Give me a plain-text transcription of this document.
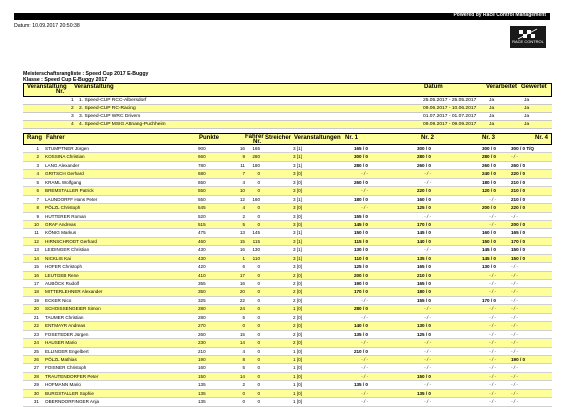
Powered by Race Control Management
Datum: 10.09.2017 20:50:38
RACE CONTROL
Meisterschaftsrangliste : Speed Cup 2017 E-Buggy
Klasse : Speed Cup E-Buggy 2017
Veranstaltung Veranstaltung
Nr.
Datum	Verarbeitet Gewertet
1 1. Speed-CUP RCC-Albersdorf	25.05.2017 - 25.05.2017	Ja	Ja
2 2. Speed-CUP RC-Racing	09.06.2017 - 10.06.2017	Ja	Ja
3 3. Speed-CUP WRC Drivers	01.07.2017 - 01.07.2017	Ja	Ja
4 4. Speed-CUP MSIG Attnang-Puchheim	09.09.2017 - 09.09.2017	Ja	Ja
Rang Fahrer	Punkte	Fahrer
Nr.
Streicher Veranstaltungen Nr. 1	Nr. 2	Nr. 3	Nr. 4
1 STUMPTNER Jürgen	900	16	165	3 [1]	165 / 0	300 / 0	300 / 0	300 / 0 T/Q
2 KOSSINA Christian	660	9	280	3 [1]	300 / 0	280 / 0	280 / 0	- / -
3 LANG Alexander	780	11	180	3 [1]	280 / 0	260 / 0	260 / 0	260 / 0
4 GRITSCH Gerhard	680	7	0	3 [0]	- / -	- / -	240 / 0	220 / 0
5 KRAML Wolfgang	650	4	0	3 [0]	260 / 0	- / -	180 / 0	210 / 0
6 BREMSTALLER Patrick	550	10	0	3 [0]	- / -	220 / 0	120 / 0	210 / 0
7 LAUNDORFF Hans Peter	550	12	160	3 [1]	180 / 0	160 / 0	- / -	210 / 0
8 PÖLZL Christoph	545	4	0	3 [0]	- / -	125 / 0	200 / 0	220 / 0
9 HUTTERER Roman	520	2	0	3 [0]	155 / 0	- / -	- / -	- / -
10 GRAF Andreas	515	5	0	3 [0]	145 / 0	170 / 0	- / -	200 / 0
11 KÖNIG Markus	475	13	145	3 [1]	150 / 0	145 / 0	160 / 0	165 / 0
12 HIRNSCHRODT Gerhard	460	15	115	3 [1]	115 / 0	140 / 0	150 / 0	170 / 0
13 LEIDINGER Christian	430	16	130	3 [1]	130 / 0	- / -	145 / 0	150 / 0
14 NICKLIS Kai	430	1	110	3 [1]	110 / 0	135 / 0	145 / 0	150 / 0
15 HOFER Christoph	420	6	0	3 [0]	125 / 0	165 / 0	130 / 0	- / -
16 LEUTGEB Rene	410	17	0	2 [0]	200 / 0	210 / 0	- / -	- / -
17 AUBÖCK Rudolf	355	16	0	2 [0]	190 / 0	165 / 0	- / -	- / -
18 MITTERLEHNER Alexander	350	20	0	2 [0]	170 / 0	180 / 0	- / -	- / -
19 ECKER Nico	325	22	0	2 [0]	- / -	155 / 0	170 / 0	- / -
20 SCHOISSENGEIER Simon	280	24	0	1 [0]	280 / 0	- / -	- / -	- / -
21 TAUMER Christian	280	5	0	2 [0]	- / -	- / -	- / -	- / -
22 ENTMAYR Andreas	270	0	0	2 [0]	140 / 0	130 / 0	- / -	- / -
23 FOSETEDER Jürgen	260	15	0	2 [0]	135 / 0	125 / 0	- / -	- / -
24 HAUSER Mario	230	14	0	2 [0]	- / -	- / -	- / -	- / -
25 ELLINGER Engelbert	210	4	0	1 [0]	210 / 0	- / -	- / -	- / -
26 PÖLZL Mathias	190	8	0	1 [0]	- / -	- / -	- / -	190 / 0
27 FOISNER Christoph	160	5	0	1 [0]	- / -	- / -	- / -	- / -
28 TRAUTENDORFER Peter	150	14	0	1 [0]	- / -	150 / 0	- / -	- / -
29 HOFMANN Mario	135	2	0	1 [0]	135 / 0	- / -	- / -	- / -
30 BURGSTALLER Sophie	135	0	0	1 [0]	- / -	135 / 0	- / -	- / -
31 OBERNDORFINGER Anja	135	0	0	1 [0]	- / -	- / -	- / -	- / -
